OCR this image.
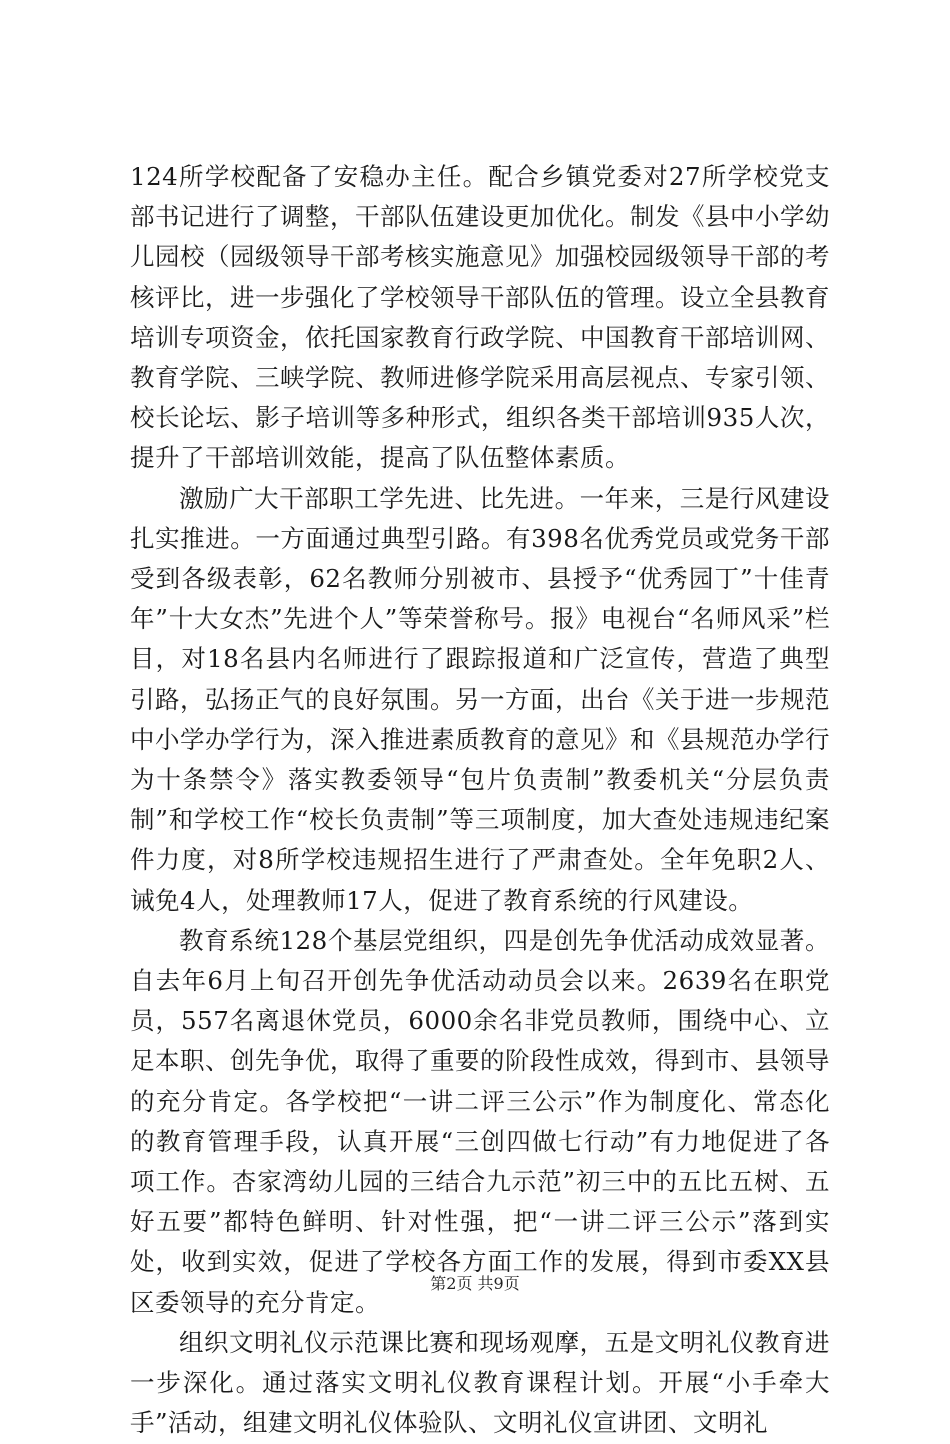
124所学校配备了安稳办主任。配合乡镇党委对27所学校党支部书记进行了调整，干部队伍建设更加优化。制发《县中小学幼儿园校（园级领导干部考核实施意见》加强校园级领导干部的考核评比，进一步强化了学校领导干部队伍的管理。设立全县教育培训专项资金，依托国家教育行政学院、中国教育干部培训网、教育学院、三峡学院、教师进修学院采用高层视点、专家引领、校长论坛、影子培训等多种形式，组织各类干部培训935人次，提升了干部培训效能，提高了队伍整体素质。

激励广大干部职工学先进、比先进。一年来，三是行风建设扎实推进。一方面通过典型引路。有398名优秀党员或党务干部受到各级表彰，62名教师分别被市、县授予“优秀园丁”十佳青年”十大女杰”先进个人”等荣誉称号。报》电视台“名师风采”栏目，对18名县内名师进行了跟踪报道和广泛宣传，营造了典型引路，弘扬正气的良好氛围。另一方面，出台《关于进一步规范中小学办学行为，深入推进素质教育的意见》和《县规范办学行为十条禁令》落实教委领导“包片负责制”教委机关“分层负责制”和学校工作“校长负责制”等三项制度，加大查处违规违纪案件力度，对8所学校违规招生进行了严肃查处。全年免职2人、诫免4人，处理教师17人，促进了教育系统的行风建设。

教育系统128个基层党组织，四是创先争优活动成效显著。自去年6月上旬召开创先争优活动动员会以来。2639名在职党员，557名离退休党员，6000余名非党员教师，围绕中心、立足本职、创先争优，取得了重要的阶段性成效，得到市、县领导的充分肯定。各学校把“一讲二评三公示”作为制度化、常态化的教育管理手段，认真开展“三创四做七行动”有力地促进了各项工作。杏家湾幼儿园的三结合九示范”初三中的五比五树、五好五要”都特色鲜明、针对性强，把“一讲二评三公示”落到实处，收到实效，促进了学校各方面工作的发展，得到市委XX县区委领导的充分肯定。

组织文明礼仪示范课比赛和现场观摩，五是文明礼仪教育进一步深化。通过落实文明礼仪教育课程计划。开展“小手牵大手”活动，组建文明礼仪体验队、文明礼仪宣讲团、文明礼

第2页 共9页
